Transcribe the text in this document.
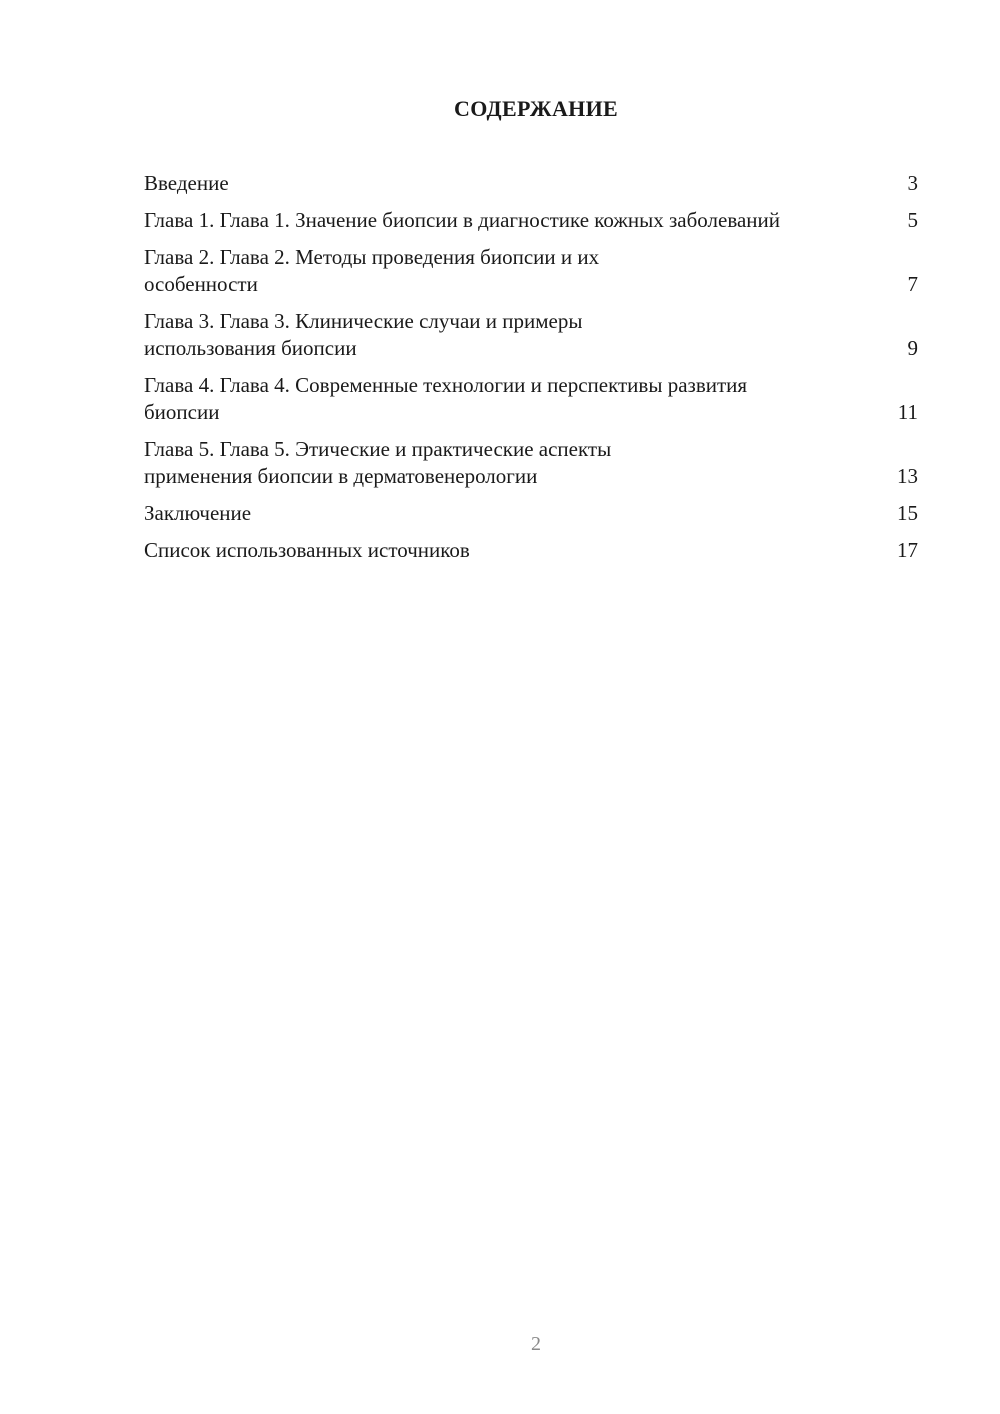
СОДЕРЖАНИЕ
Введение	3
Глава 1. Глава 1. Значение биопсии в диагностике кожных заболеваний	5
Глава 2. Глава 2. Методы проведения биопсии и их особенности	7
Глава 3. Глава 3. Клинические случаи и примеры использования биопсии	9
Глава 4. Глава 4. Современные технологии и перспективы развития биопсии	11
Глава 5. Глава 5. Этические и практические аспекты применения биопсии в дерматовенерологии	13
Заключение	15
Список использованных источников	17
2
